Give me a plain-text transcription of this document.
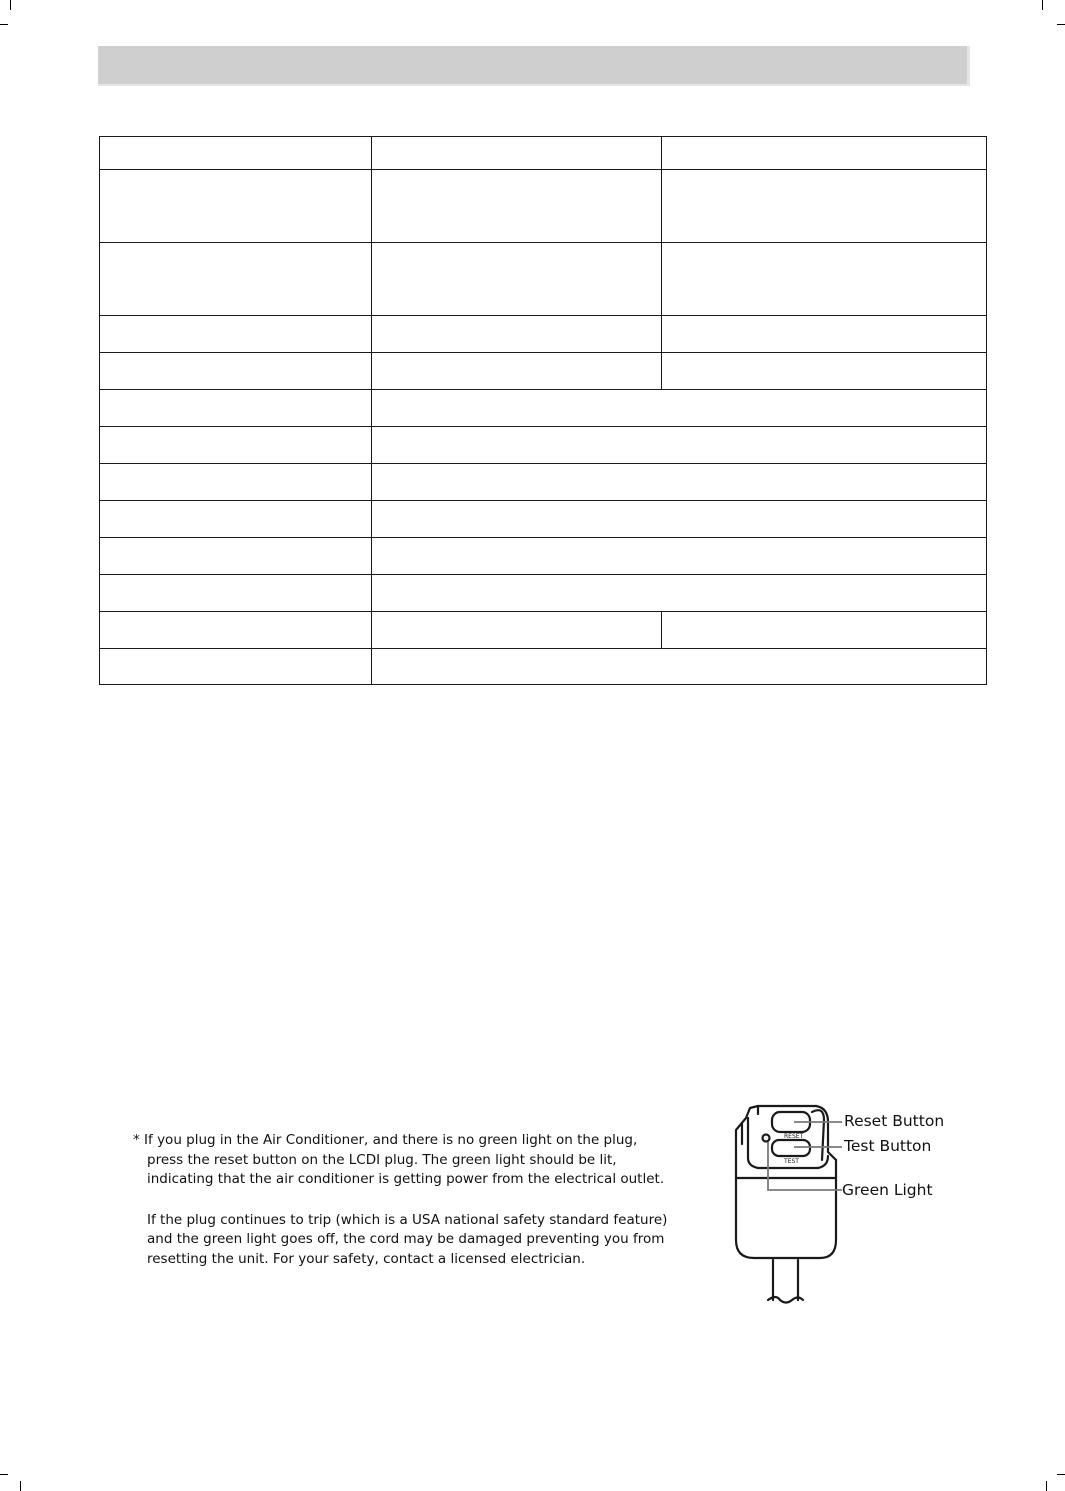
* If you plug in the Air Conditioner, and there is no green light on the plug,
press the reset button on the LCDI plug. The green light should be lit,
indicating that the air conditioner is getting power from the electrical outlet.
If the plug continues to trip (which is a USA national safety standard feature)
and the green light goes off, the cord may be damaged preventing you from
resetting the unit. For your safety, contact a licensed electrician.
RESET
TEST
Reset Button
Test Button
Green Light
